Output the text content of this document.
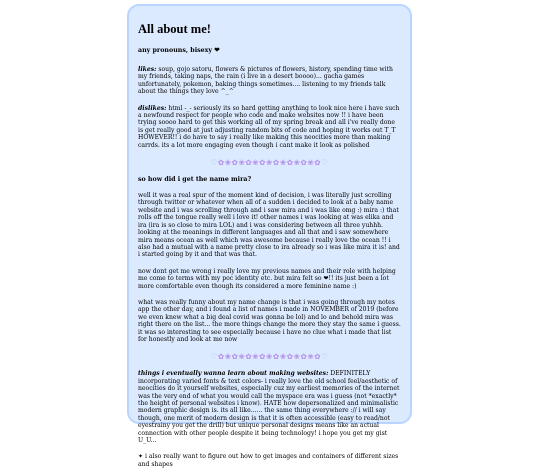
All about me!
any pronouns, bisexy ❤

likes: soup, gojo satoru, flowers & pictures of flowers, history, spending time with my friends, taking naps, the rain (i live in a desert boooo)... gacha games unfortunately, pokemon, baking things sometimes.... listening to my friends talk about the things they love ^_^

dislikes: html -_- seriously its so hard getting anything to look nice here i have such a newfound respect for people who code and make websites now !! i have been trying soooo hard to get this working all of my spring break and all i've really done is get really good at just adjusting random bits of code and hoping it works out T_T HOWEVER!! i do have to say i really like making this neocities more than making carrds. its a lot more engaging even though i cant make it look as polished

♡✿❀✿❀✿❀✿❀✿❀✿❀✿❀✿♡
so how did i get the name mira?

well it was a real spur of the moment kind of decision, i was literally just scrolling through twitter or whatever when all of a sudden i decided to look at a baby name website and i was scrolling through and i saw mira and i was like omg :) mira :) that rolls off the tongue really well i love it! other names i was looking at was elika and ira (ira is so close to mira LOL) and i was considering between all three yuhhh. looking at the meanings in different languages and all that and i saw somewhere mira means ocean as well which was awesome because i really love the ocean !! i also had a mutual with a name pretty close to ira already so i was like mira it is! and i started going by it and that was that.

now dont get me wrong i really love my previous names and their role with helping me come to terms with my poc identity etc. but mira felt so ❤!! its just been a lot more comfortable even though its considered a more feminine name :)

what was really funny about my name change is that i was going through my notes app the other day, and i found a list of names i made in NOVEMBER of 2019 (before we even knew what a big deal covid was gonna be lol) and lo and behold mira was right there on the list... the more things change the more they stay the same i guess. it was so interesting to see especially because i have no clue what i made that list for honestly and look at me now

♡✿❀✿❀✿❀✿❀✿❀✿❀✿❀✿♡

things i eventually wanna learn about making websites: DEFINITELY incorporating varied fonts & text colors- i really love the old school feel/aesthetic of neocities do it yourself websites, especially cuz my earliest memories of the internet was the very end of what you would call the myspace era was i guess (not *exactly* the height of personal websites i know). HATE how depersonalized and minimalistic modern graphic design is. its all like...... the same thing everywhere :// i will say though, one merit of modern design is that it is often accessible (easy to read/not eyestrainy you get the drill) but unique personal designs means like an actual connection with other people despite it being technology! i hope you get my gist U_U...

✦ i also really want to figure out how to get images and containers of different sizes and shapes
